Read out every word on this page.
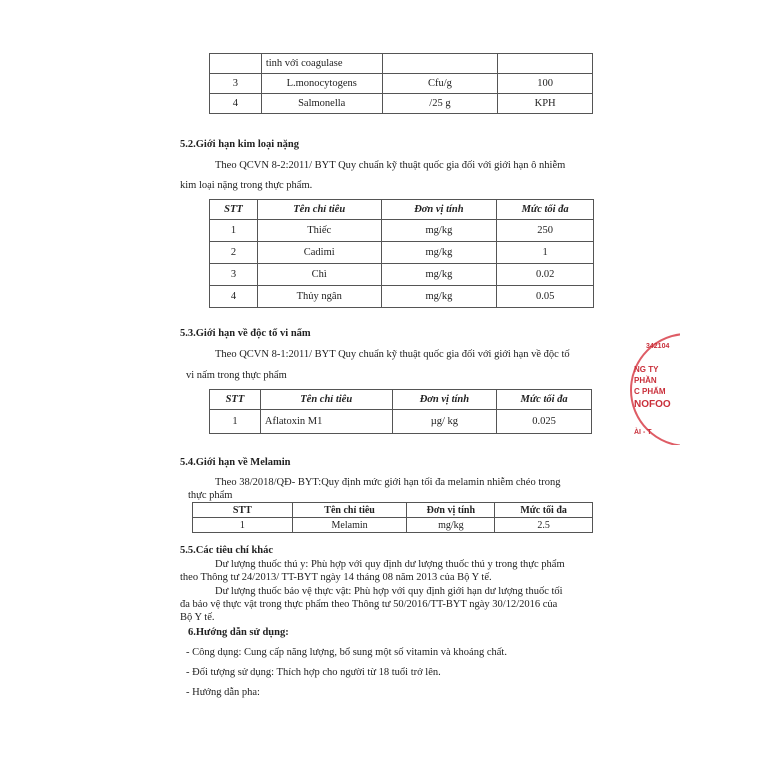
	tinh với coagulase		
3	L.monocytogens	Cfu/g	100
4	Salmonella	/25 g	KPH
5.2.Giới hạn kim loại nặng
Theo QCVN 8-2:2011/ BYT Quy chuẩn kỹ thuật quốc gia đối với giới hạn ô nhiễm
kim loại nặng trong thực phẩm.
STT	Tên chỉ tiêu	Đơn vị tính	Mức tối đa
1	Thiếc	mg/kg	250
2	Cadimi	mg/kg	1
3	Chì	mg/kg	0.02
4	Thủy ngân	mg/kg	0.05
5.3.Giới hạn về độc tố vi nấm
Theo QCVN 8-1:2011/ BYT Quy chuẩn kỹ thuật quốc gia đối với giới hạn về độc tố
vi nấm trong thực phẩm
STT	Tên chỉ tiêu	Đơn vị tính	Mức tối đa
1	Aflatoxin M1	µg/ kg	0.025
342104
NG TY
PHẦN
C PHẨM
NOFOO
ÀI - T
5.4.Giới hạn về Melamin
Theo 38/2018/QĐ- BYT:Quy định mức giới hạn tối đa melamin nhiễm chéo trong
thực phẩm
STT	Tên chỉ tiêu	Đơn vị tính	Mức tối đa
1	Melamin	mg/kg	2.5
5.5.Các tiêu chí khác
Dư lượng thuốc thú y: Phù hợp với quy định dư lượng thuốc thú y trong thực phẩm
theo Thông tư 24/2013/ TT-BYT ngày 14 tháng 08 năm 2013 của Bộ Y tế.
Dư lượng thuốc bảo vệ thực vật: Phù hợp với quy định giới hạn dư lượng thuốc tối
đa bảo vệ thực vật trong thực phẩm theo Thông tư 50/2016/TT-BYT ngày 30/12/2016 của
Bộ Y tế.
6.Hướng dẫn sử dụng:
- Công dụng: Cung cấp năng lượng, bổ sung một số vitamin và khoáng chất.
- Đối tượng sử dụng: Thích hợp cho người từ 18 tuổi trở lên.
- Hướng dẫn pha:
